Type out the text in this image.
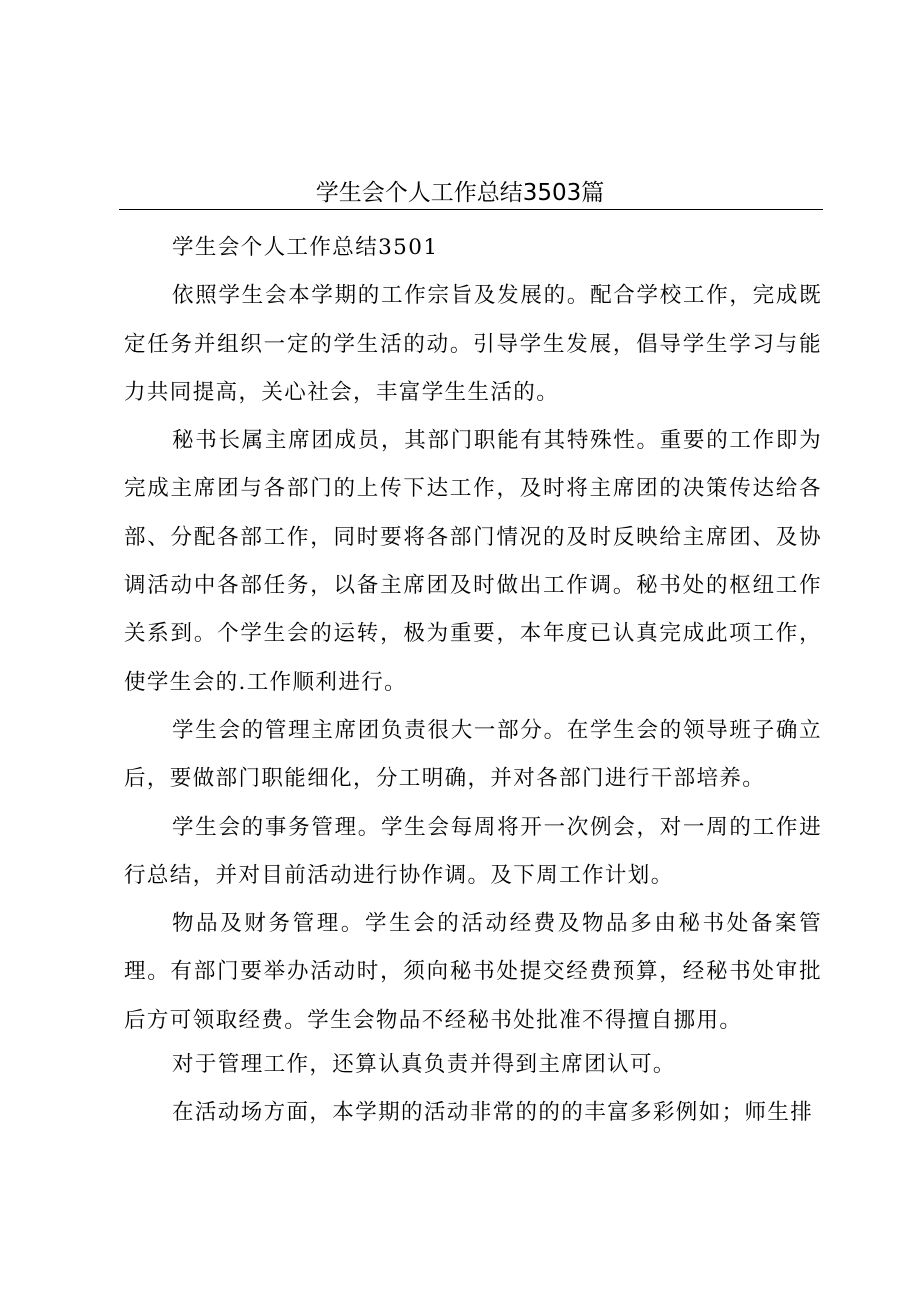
学生会个人工作总结3503篇

学生会个人工作总结3501

依照学生会本学期的工作宗旨及发展的。配合学校工作，完成既定任务并组织一定的学生活的动。引导学生发展，倡导学生学习与能力共同提高，关心社会，丰富学生生活的。

秘书长属主席团成员，其部门职能有其特殊性。重要的工作即为完成主席团与各部门的上传下达工作，及时将主席团的决策传达给各部、分配各部工作，同时要将各部门情况的及时反映给主席团、及协调活动中各部任务，以备主席团及时做出工作调。秘书处的枢纽工作关系到。个学生会的运转，极为重要，本年度已认真完成此项工作，使学生会的.工作顺利进行。

学生会的管理主席团负责很大一部分。在学生会的领导班子确立后，要做部门职能细化，分工明确，并对各部门进行干部培养。

学生会的事务管理。学生会每周将开一次例会，对一周的工作进行总结，并对目前活动进行协作调。及下周工作计划。

物品及财务管理。学生会的活动经费及物品多由秘书处备案管理。有部门要举办活动时，须向秘书处提交经费预算，经秘书处审批后方可领取经费。学生会物品不经秘书处批准不得擅自挪用。

对于管理工作，还算认真负责并得到主席团认可。

在活动场方面，本学期的活动非常的的的丰富多彩例如；师生排
